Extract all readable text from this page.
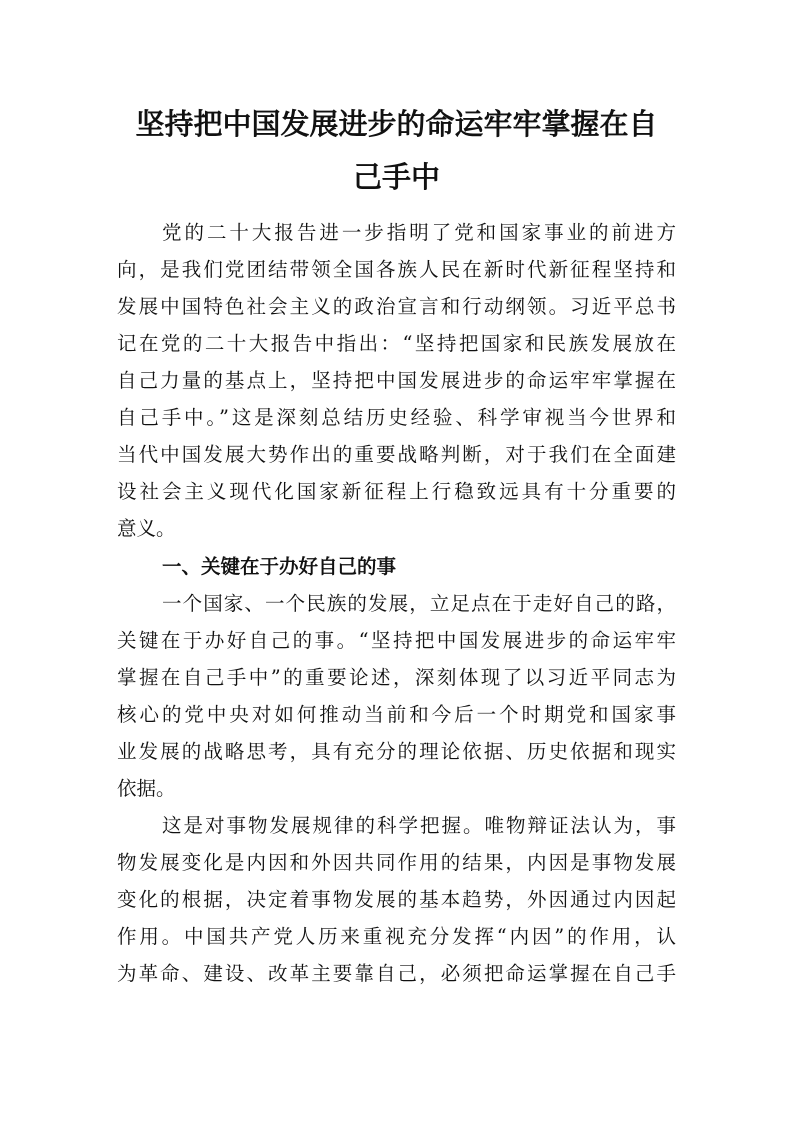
坚持把中国发展进步的命运牢牢掌握在自
己手中

党的二十大报告进一步指明了党和国家事业的前进方

向，是我们党团结带领全国各族人民在新时代新征程坚持和

发展中国特色社会主义的政治宣言和行动纲领。习近平总书

记在党的二十大报告中指出：“坚持把国家和民族发展放在

自己力量的基点上，坚持把中国发展进步的命运牢牢掌握在

自己手中。”这是深刻总结历史经验、科学审视当今世界和

当代中国发展大势作出的重要战略判断，对于我们在全面建

设社会主义现代化国家新征程上行稳致远具有十分重要的

意义。

一、关键在于办好自己的事

一个国家、一个民族的发展，立足点在于走好自己的路，

关键在于办好自己的事。“坚持把中国发展进步的命运牢牢

掌握在自己手中”的重要论述，深刻体现了以习近平同志为

核心的党中央对如何推动当前和今后一个时期党和国家事

业发展的战略思考，具有充分的理论依据、历史依据和现实

依据。

这是对事物发展规律的科学把握。唯物辩证法认为，事

物发展变化是内因和外因共同作用的结果，内因是事物发展

变化的根据，决定着事物发展的基本趋势，外因通过内因起

作用。中国共产党人历来重视充分发挥“内因”的作用，认

为革命、建设、改革主要靠自己，必须把命运掌握在自己手
